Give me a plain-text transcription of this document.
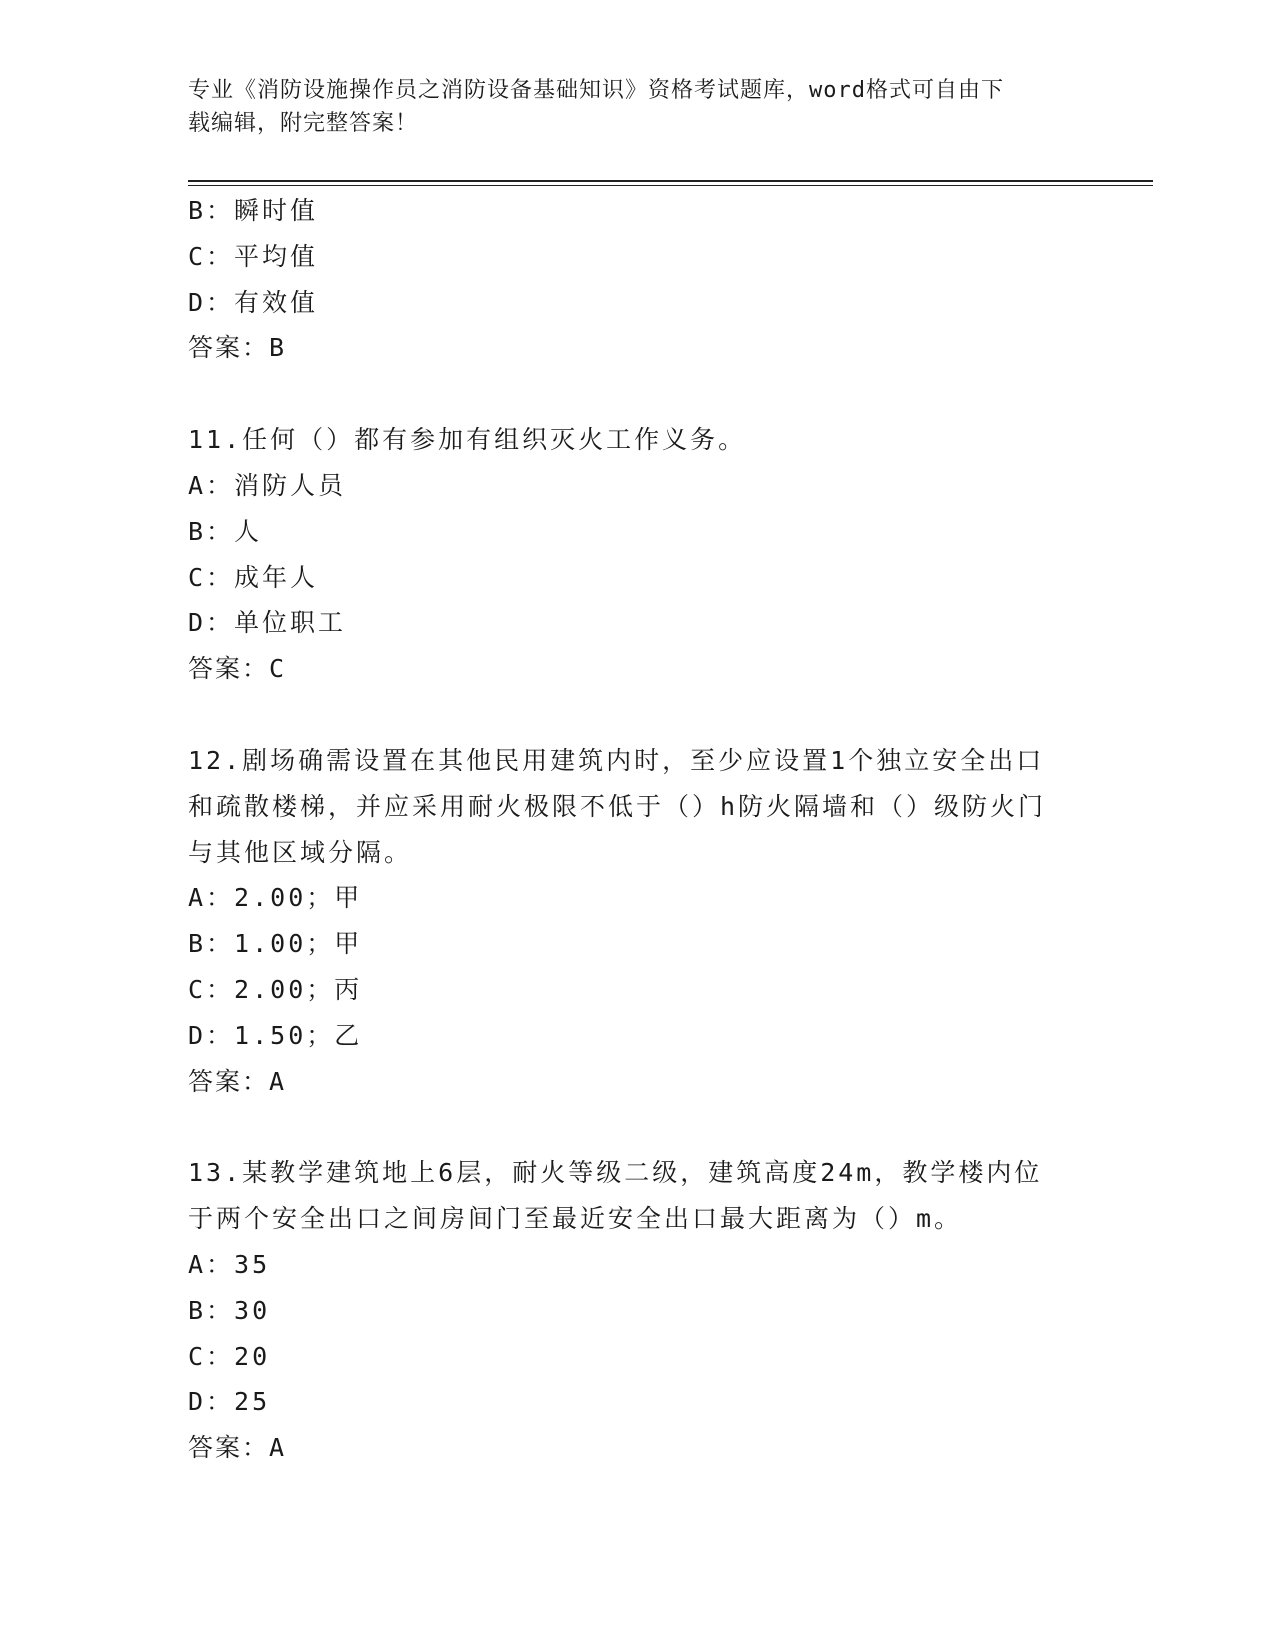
专业《消防设施操作员之消防设备基础知识》资格考试题库，word格式可自由下
载编辑，附完整答案！
B：瞬时值
C：平均值
D：有效值
答案：B
11.任何（）都有参加有组织灭火工作义务。
A：消防人员
B：人
C：成年人
D：单位职工
答案：C
12.剧场确需设置在其他民用建筑内时，至少应设置1个独立安全出口
和疏散楼梯，并应采用耐火极限不低于（）h防火隔墙和（）级防火门
与其他区域分隔。
A：2.00；甲
B：1.00；甲
C：2.00；丙
D：1.50；乙
答案：A
13.某教学建筑地上6层，耐火等级二级，建筑高度24m，教学楼内位
于两个安全出口之间房间门至最近安全出口最大距离为（）m。
A：35
B：30
C：20
D：25
答案：A
